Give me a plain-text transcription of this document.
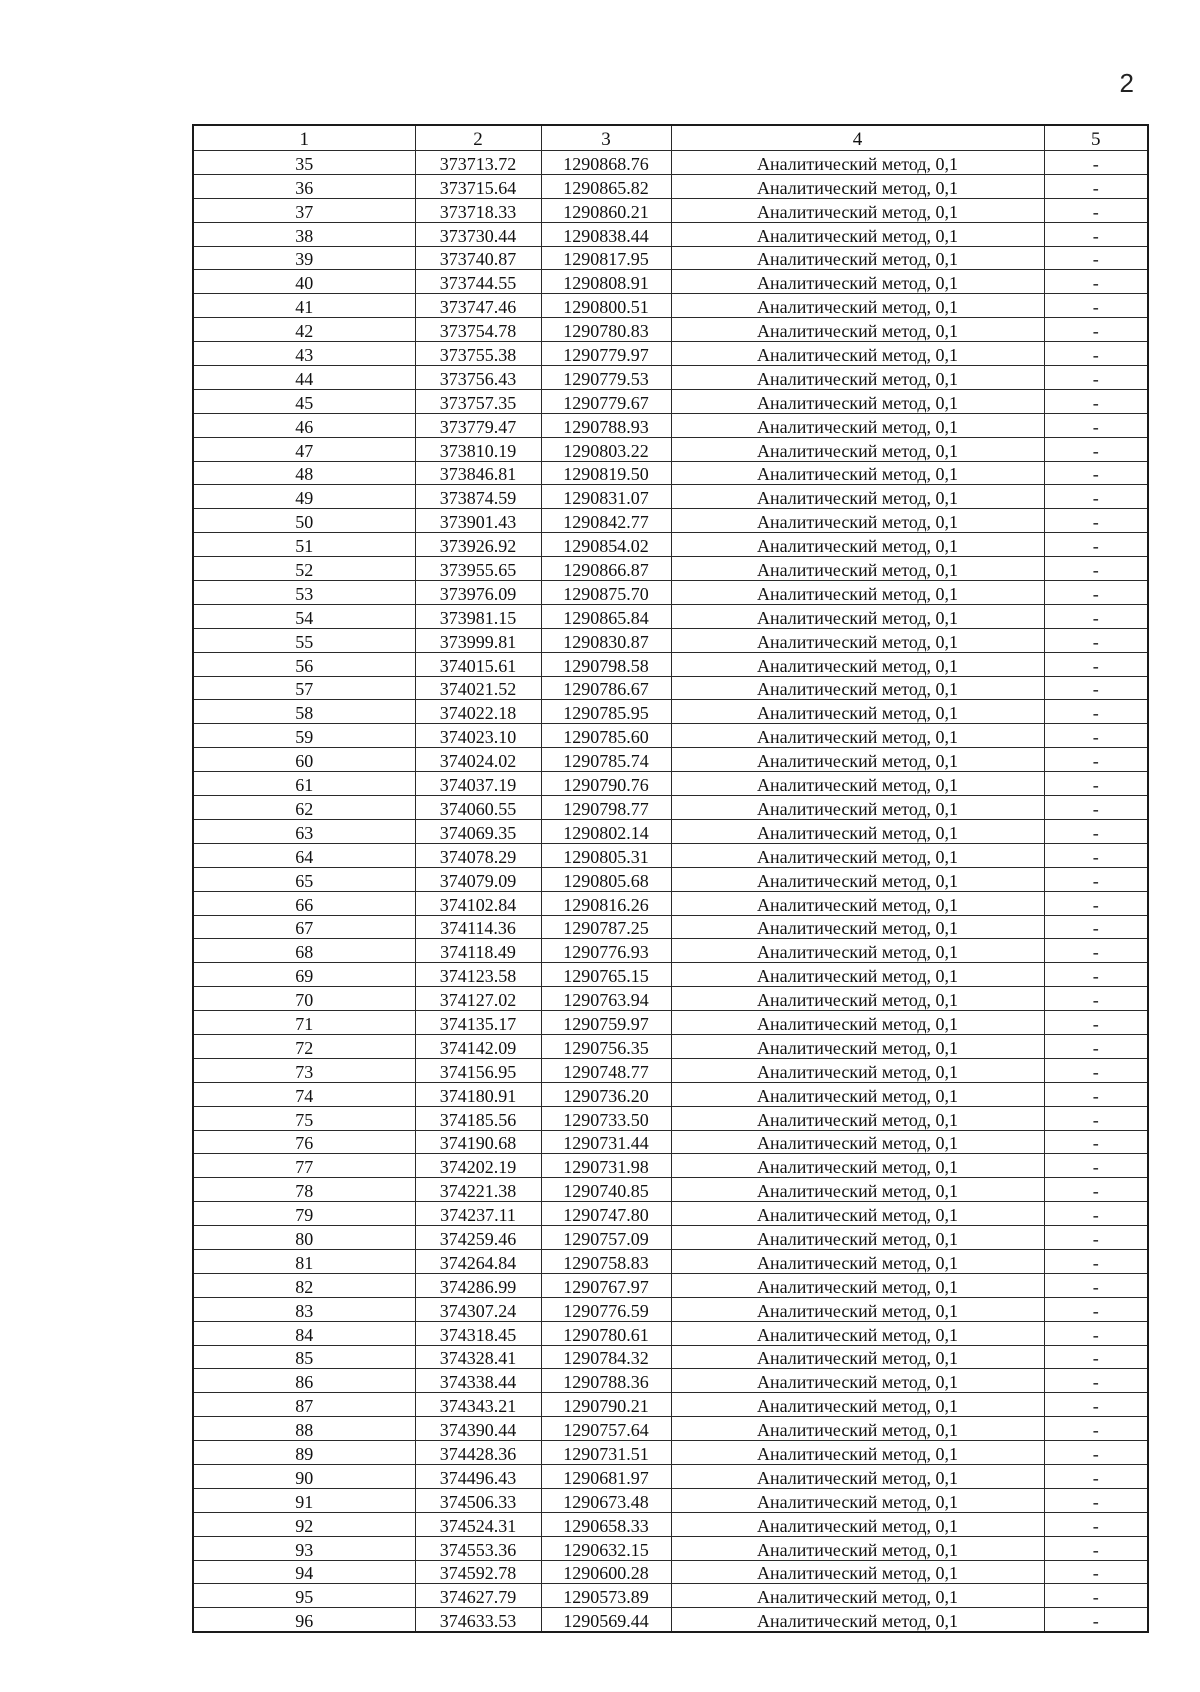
2
1	2	3	4	5
35	373713.72	1290868.76	Аналитический метод, 0,1	-
36	373715.64	1290865.82	Аналитический метод, 0,1	-
37	373718.33	1290860.21	Аналитический метод, 0,1	-
38	373730.44	1290838.44	Аналитический метод, 0,1	-
39	373740.87	1290817.95	Аналитический метод, 0,1	-
40	373744.55	1290808.91	Аналитический метод, 0,1	-
41	373747.46	1290800.51	Аналитический метод, 0,1	-
42	373754.78	1290780.83	Аналитический метод, 0,1	-
43	373755.38	1290779.97	Аналитический метод, 0,1	-
44	373756.43	1290779.53	Аналитический метод, 0,1	-
45	373757.35	1290779.67	Аналитический метод, 0,1	-
46	373779.47	1290788.93	Аналитический метод, 0,1	-
47	373810.19	1290803.22	Аналитический метод, 0,1	-
48	373846.81	1290819.50	Аналитический метод, 0,1	-
49	373874.59	1290831.07	Аналитический метод, 0,1	-
50	373901.43	1290842.77	Аналитический метод, 0,1	-
51	373926.92	1290854.02	Аналитический метод, 0,1	-
52	373955.65	1290866.87	Аналитический метод, 0,1	-
53	373976.09	1290875.70	Аналитический метод, 0,1	-
54	373981.15	1290865.84	Аналитический метод, 0,1	-
55	373999.81	1290830.87	Аналитический метод, 0,1	-
56	374015.61	1290798.58	Аналитический метод, 0,1	-
57	374021.52	1290786.67	Аналитический метод, 0,1	-
58	374022.18	1290785.95	Аналитический метод, 0,1	-
59	374023.10	1290785.60	Аналитический метод, 0,1	-
60	374024.02	1290785.74	Аналитический метод, 0,1	-
61	374037.19	1290790.76	Аналитический метод, 0,1	-
62	374060.55	1290798.77	Аналитический метод, 0,1	-
63	374069.35	1290802.14	Аналитический метод, 0,1	-
64	374078.29	1290805.31	Аналитический метод, 0,1	-
65	374079.09	1290805.68	Аналитический метод, 0,1	-
66	374102.84	1290816.26	Аналитический метод, 0,1	-
67	374114.36	1290787.25	Аналитический метод, 0,1	-
68	374118.49	1290776.93	Аналитический метод, 0,1	-
69	374123.58	1290765.15	Аналитический метод, 0,1	-
70	374127.02	1290763.94	Аналитический метод, 0,1	-
71	374135.17	1290759.97	Аналитический метод, 0,1	-
72	374142.09	1290756.35	Аналитический метод, 0,1	-
73	374156.95	1290748.77	Аналитический метод, 0,1	-
74	374180.91	1290736.20	Аналитический метод, 0,1	-
75	374185.56	1290733.50	Аналитический метод, 0,1	-
76	374190.68	1290731.44	Аналитический метод, 0,1	-
77	374202.19	1290731.98	Аналитический метод, 0,1	-
78	374221.38	1290740.85	Аналитический метод, 0,1	-
79	374237.11	1290747.80	Аналитический метод, 0,1	-
80	374259.46	1290757.09	Аналитический метод, 0,1	-
81	374264.84	1290758.83	Аналитический метод, 0,1	-
82	374286.99	1290767.97	Аналитический метод, 0,1	-
83	374307.24	1290776.59	Аналитический метод, 0,1	-
84	374318.45	1290780.61	Аналитический метод, 0,1	-
85	374328.41	1290784.32	Аналитический метод, 0,1	-
86	374338.44	1290788.36	Аналитический метод, 0,1	-
87	374343.21	1290790.21	Аналитический метод, 0,1	-
88	374390.44	1290757.64	Аналитический метод, 0,1	-
89	374428.36	1290731.51	Аналитический метод, 0,1	-
90	374496.43	1290681.97	Аналитический метод, 0,1	-
91	374506.33	1290673.48	Аналитический метод, 0,1	-
92	374524.31	1290658.33	Аналитический метод, 0,1	-
93	374553.36	1290632.15	Аналитический метод, 0,1	-
94	374592.78	1290600.28	Аналитический метод, 0,1	-
95	374627.79	1290573.89	Аналитический метод, 0,1	-
96	374633.53	1290569.44	Аналитический метод, 0,1	-
